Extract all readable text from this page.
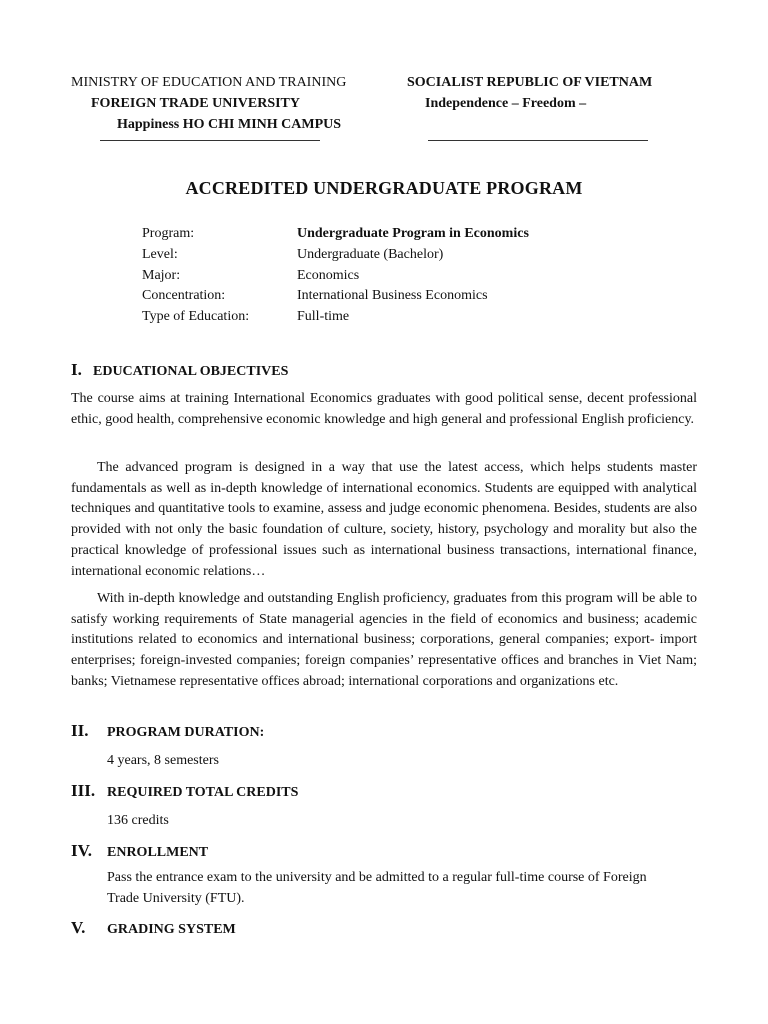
MINISTRY OF EDUCATION AND TRAINING
FOREIGN TRADE UNIVERSITY
Happiness HO CHI MINH CAMPUS
SOCIALIST REPUBLIC OF VIETNAM
Independence – Freedom –
ACCREDITED UNDERGRADUATE PROGRAM
Program:	Undergraduate Program in Economics
Level:	Undergraduate (Bachelor)
Major:	Economics
Concentration:	International Business Economics
Type of Education:	Full-time
I. EDUCATIONAL OBJECTIVES
The course aims at training International Economics graduates with good political sense, decent professional ethic, good health, comprehensive economic knowledge and high general and professional English proficiency.
The advanced program is designed in a way that use the latest access, which helps students master fundamentals as well as in-depth knowledge of international economics. Students are equipped with analytical techniques and quantitative tools to examine, assess and judge economic phenomena. Besides, students are also provided with not only the basic foundation of culture, society, history, psychology and morality but also the practical knowledge of professional issues such as international business transactions, international finance, international economic relations…
With in-depth knowledge and outstanding English proficiency, graduates from this program will be able to satisfy working requirements of State managerial agencies in the field of economics and business; academic institutions related to economics and international business; corporations, general companies; export- import enterprises; foreign-invested companies; foreign companies’ representative offices and branches in Viet Nam; banks; Vietnamese representative offices abroad; international corporations and organizations etc.
II. PROGRAM DURATION:
4 years, 8 semesters
III. REQUIRED TOTAL CREDITS
136 credits
IV. ENROLLMENT
Pass the entrance exam to the university and be admitted to a regular full-time course of Foreign Trade University (FTU).
V. GRADING SYSTEM
